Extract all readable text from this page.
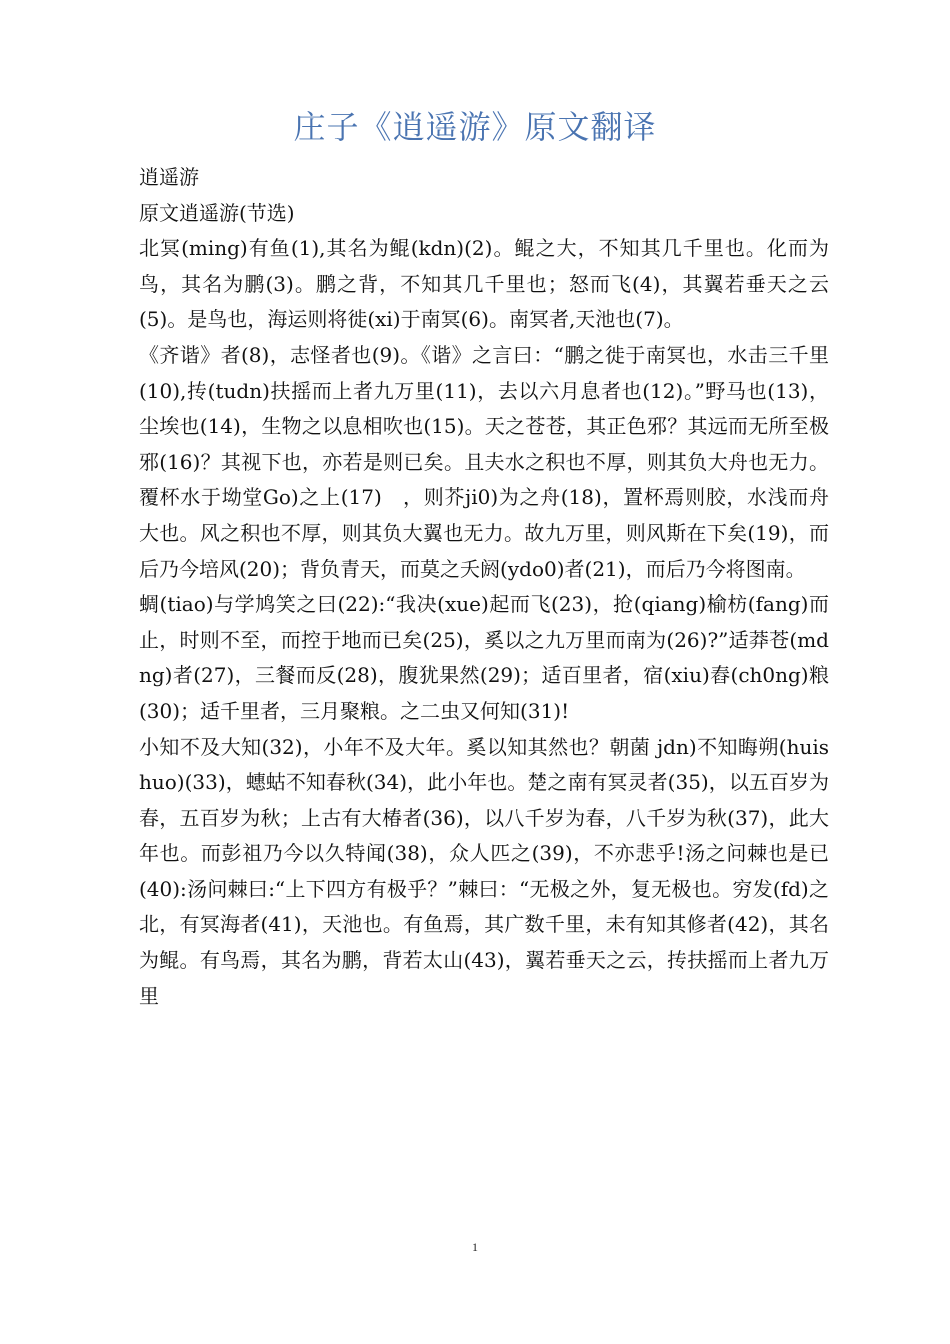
庄子《逍遥游》原文翻译

逍遥游

原文逍遥游(节选)

北冥(ming)有鱼(1),其名为鲲(kdn)(2)。鲲之大，不知其几千里也。化而为鸟，其名为鹏(3)。鹏之背，不知其几千里也；怒而飞(4)，其翼若垂天之云(5)。是鸟也，海运则将徙(xi)于南冥(6)。南冥者,天池也(7)。

《齐谐》者(8)，志怪者也(9)。《谐》之言曰：“鹏之徙于南冥也，水击三千里(10),抟(tudn)扶摇而上者九万里(11)，去以六月息者也(12)。”野马也(13)，尘埃也(14)，生物之以息相吹也(15)。天之苍苍，其正色邪？其远而无所至极邪(16)？其视下也，亦若是则已矣。且夫水之积也不厚，则其负大舟也无力。覆杯水于坳堂Go)之上(17)　，则芥ji0)为之舟(18)，置杯焉则胶，水浅而舟大也。风之积也不厚，则其负大翼也无力。故九万里，则风斯在下矣(19)，而后乃今培风(20)；背负青天，而莫之夭阏(ydo0)者(21)，而后乃今将图南。

蜩(tiao)与学鸠笑之曰(22):“我决(xue)起而飞(23)，抢(qiang)榆枋(fang)而止，时则不至，而控于地而已矣(25)，奚以之九万里而南为(26)?”适莽苍(mdng)者(27)，三餐而反(28)，腹犹果然(29)；适百里者，宿(xiu)舂(ch0ng)粮(30)；适千里者，三月聚粮。之二虫又何知(31)!

小知不及大知(32)，小年不及大年。奚以知其然也？朝菌 jdn)不知晦朔(huishuo)(33)，蟪蛄不知春秋(34)，此小年也。楚之南有冥灵者(35)，以五百岁为春，五百岁为秋；上古有大椿者(36)，以八千岁为春，八千岁为秋(37)，此大年也。而彭祖乃今以久特闻(38)，众人匹之(39)，不亦悲乎!汤之问棘也是已(40):汤问棘曰:“上下四方有极乎？”棘曰：“无极之外，复无极也。穷发(fd)之北，有冥海者(41)，天池也。有鱼焉，其广数千里，未有知其修者(42)，其名为鲲。有鸟焉，其名为鹏，背若太山(43)，翼若垂天之云，抟扶摇而上者九万里

1
